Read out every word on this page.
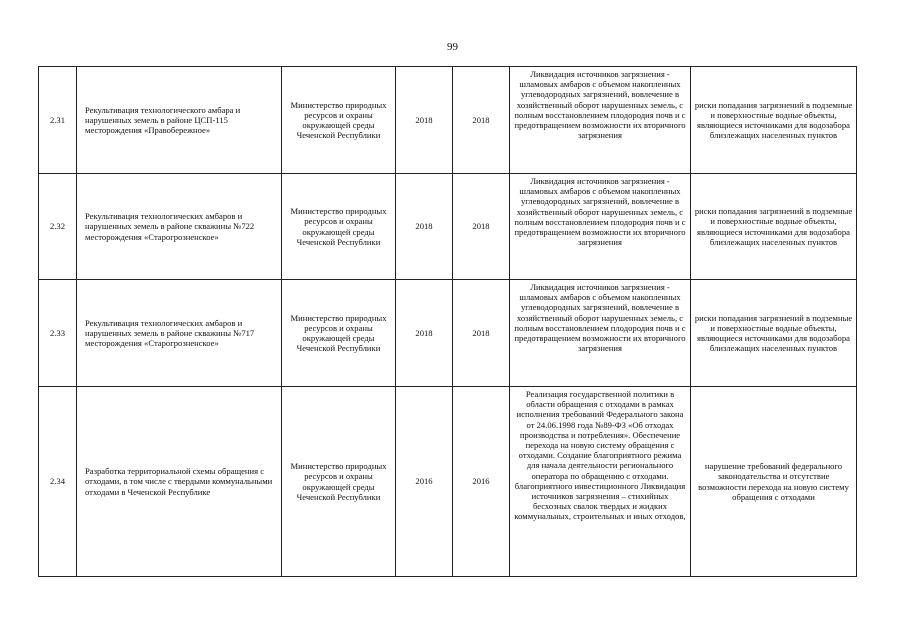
99
2.31	Рекультивация технологического амбара и нарушенных земель в районе ЦСП-115 месторождения «Правобережное»	Министерство природных ресурсов и охраны окружающей среды Чеченской Республики	2018	2018	Ликвидация источников загрязнения - шламовых амбаров с объемом накопленных углеводородных загрязнений, вовлечение в хозяйственный оборот нарушенных земель, с полным восстановлением плодородия почв и с предотвращением возможности их вторичного загрязнения	риски попадания загрязнений в подземные и поверхностные водные объекты, являющиеся источниками для водозабора близлежащих населенных пунктов
2.32	Рекультивация технологических амбаров и нарушенных земель в районе скважины №722 месторождения «Старогрозненское»	Министерство природных ресурсов и охраны окружающей среды Чеченской Республики	2018	2018	Ликвидация источников загрязнения - шламовых амбаров с объемом накопленных углеводородных загрязнений, вовлечение в хозяйственный оборот нарушенных земель, с полным восстановлением плодородия почв и с предотвращением возможности их вторичного загрязнения	риски попадания загрязнений в подземные и поверхностные водные объекты, являющиеся источниками для водозабора близлежащих населенных пунктов
2.33	Рекультивация технологических амбаров и нарушенных земель в районе скважины №717 месторождения «Старогрозненское»	Министерство природных ресурсов и охраны окружающей среды Чеченской Республики	2018	2018	Ликвидация источников загрязнения - шламовых амбаров с объемом накопленных углеводородных загрязнений, вовлечение в хозяйственный оборот нарушенных земель, с полным восстановлением плодородия почв и с предотвращением возможности их вторичного загрязнения	риски попадания загрязнений в подземные и поверхностные водные объекты, являющиеся источниками для водозабора близлежащих населенных пунктов
2.34	Разработка территориальной схемы обращения с отходами, в том числе с твердыми коммунальными отходами в Чеченской Республике	Министерство природных ресурсов и охраны окружающей среды Чеченской Республики	2016	2016	Реализация государственной политики в области обращения с отходами в рамках исполнения требований Федерального закона от 24.06.1998 года №89-ФЗ «Об отходах производства и потребления». Обеспечение перехода на новую систему обращения с отходами. Создание благоприятного режима для начала деятельности регионального оператора по обращению с отходами. благоприятного инвестиционного Ликвидация источников загрязнения – стихийных бесхозных свалок твердых и жидких коммунальных, строительных и иных отходов,	нарушение требований федерального законодательства и отсутствие возможности перехода на новую систему обращения с отходами
